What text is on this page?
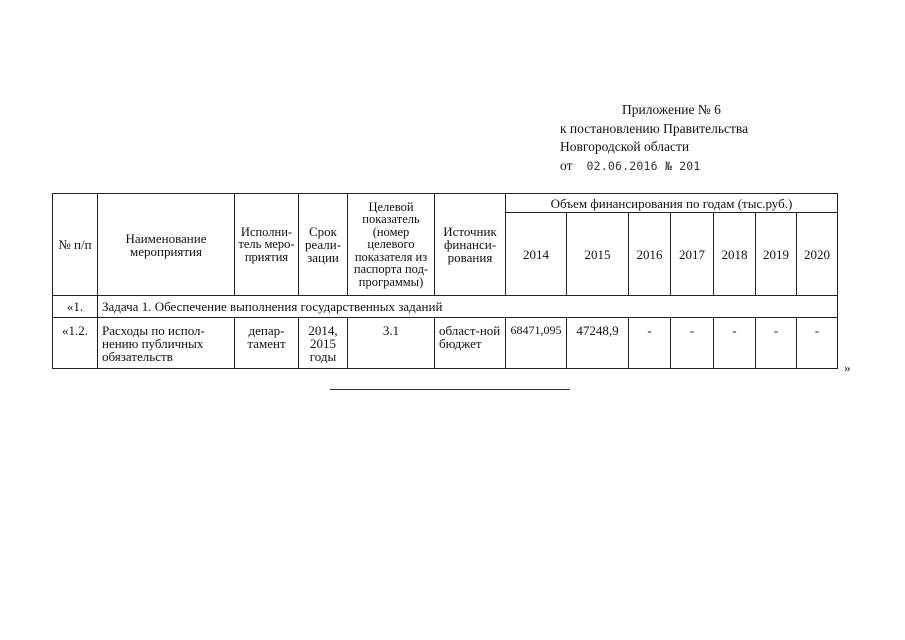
Приложение № 6
к постановлению Правительства
Новгородской области
от 02.06.2016 № 201
№ п/п	Наименование мероприятия	Исполни-тель меро-приятия	Срок реали-зации	Целевой показатель (номер целевого показателя из паспорта под-программы)	Источник финанси-рования	Объем финансирования по годам (тыс.руб.)						
						2014	2015	2016	2017	2018	2019	2020
«1.	Задача 1. Обеспечение выполнения государственных заданий											
«1.2.	Расходы по испол-нению публичных обязательств	депар-тамент	2014, 2015 годы	3.1	област-ной бюджет	68471,095	47248,9	-	-	-	-	-
»
